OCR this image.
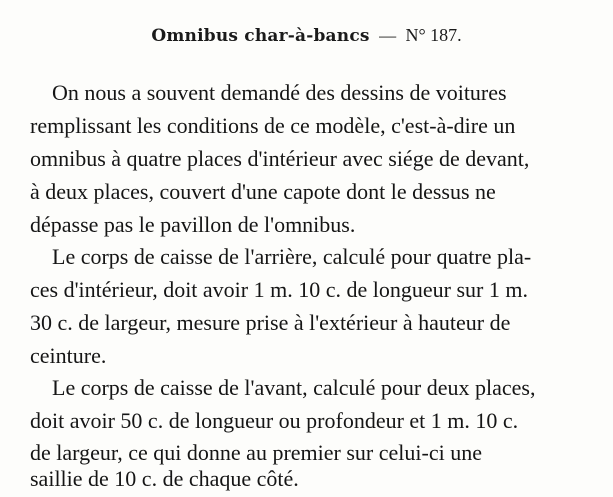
Omnibus char-à-bancs — N° 187.
On nous a souvent demandé des dessins de voitures
remplissant les conditions de ce modèle, c'est-à-dire un
omnibus à quatre places d'intérieur avec siége de devant,
à deux places, couvert d'une capote dont le dessus ne
dépasse pas le pavillon de l'omnibus.
Le corps de caisse de l'arrière, calculé pour quatre pla-
ces d'intérieur, doit avoir 1 m. 10 c. de longueur sur 1 m.
30 c. de largeur, mesure prise à l'extérieur à hauteur de
ceinture.
Le corps de caisse de l'avant, calculé pour deux places,
doit avoir 50 c. de longueur ou profondeur et 1 m. 10 c.
de largeur, ce qui donne au premier sur celui-ci une
saillie de 10 c. de chaque côté.
